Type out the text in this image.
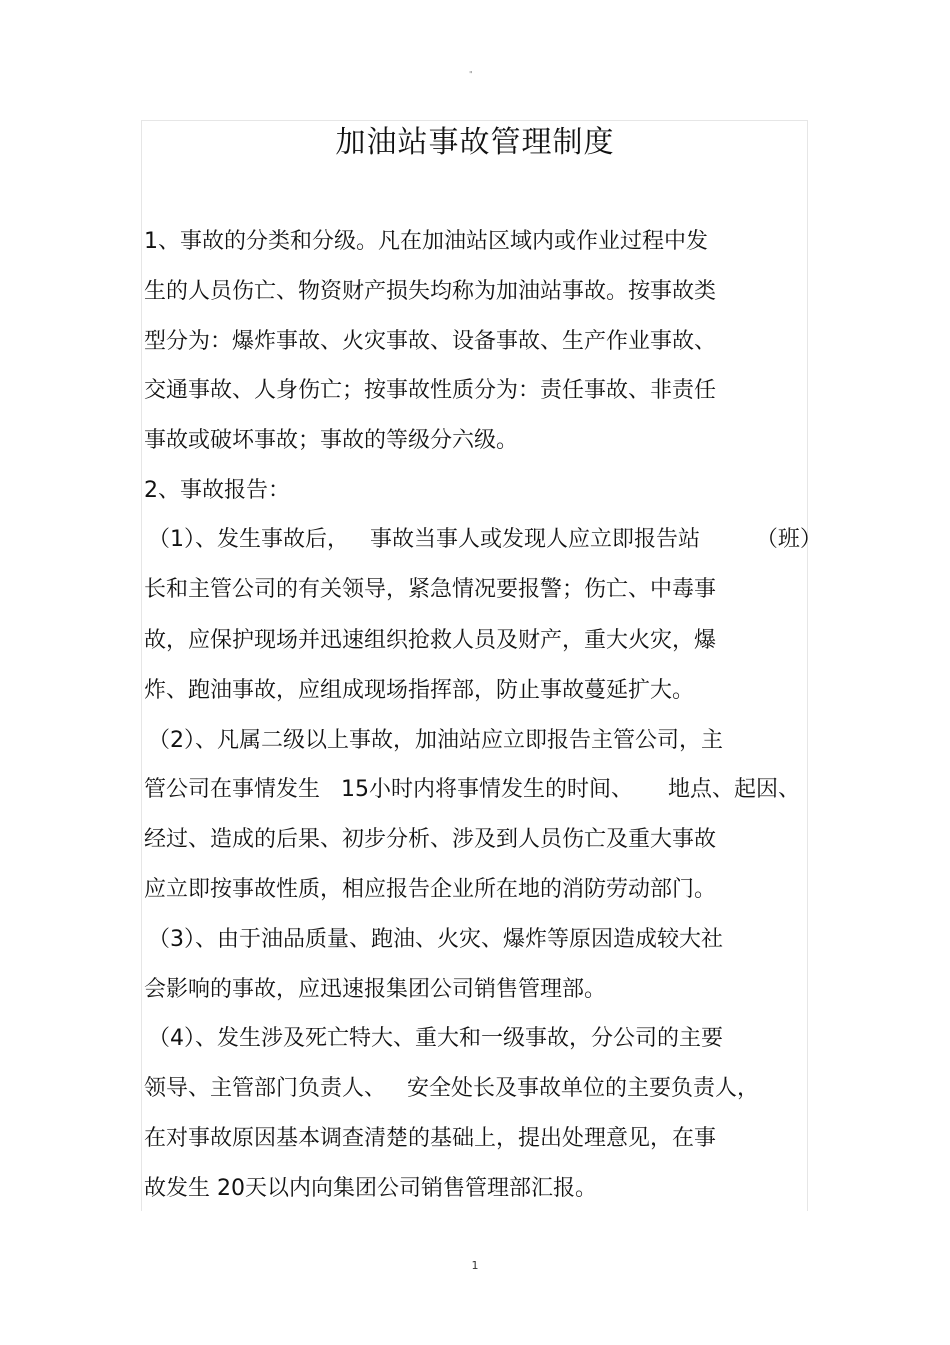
"
加油站事故管理制度
1、事故的分类和分级。凡在加油站区域内或作业过程中发
生的人员伤亡、物资财产损失均称为加油站事故。按事故类
型分为：爆炸事故、火灾事故、设备事故、生产作业事故、
交通事故、人身伤亡；按事故性质分为：责任事故、非责任
事故或破坏事故；事故的等级分六级。
2、事故报告：
（1）、发生事故后，   事故当事人或发现人应立即报告站        （班）
长和主管公司的有关领导，紧急情况要报警；伤亡、中毒事
故，应保护现场并迅速组织抢救人员及财产，重大火灾，爆
炸、跑油事故，应组成现场指挥部，防止事故蔓延扩大。
（2）、凡属二级以上事故，加油站应立即报告主管公司，主
管公司在事情发生   15小时内将事情发生的时间、     地点、起因、
经过、造成的后果、初步分析、涉及到人员伤亡及重大事故
应立即按事故性质，相应报告企业所在地的消防劳动部门。
（3）、由于油品质量、跑油、火灾、爆炸等原因造成较大社
会影响的事故，应迅速报集团公司销售管理部。
（4）、发生涉及死亡特大、重大和一级事故，分公司的主要
领导、主管部门负责人、   安全处长及事故单位的主要负责人，
在对事故原因基本调查清楚的基础上，提出处理意见，在事
故发生 20天以内向集团公司销售管理部汇报。
1
